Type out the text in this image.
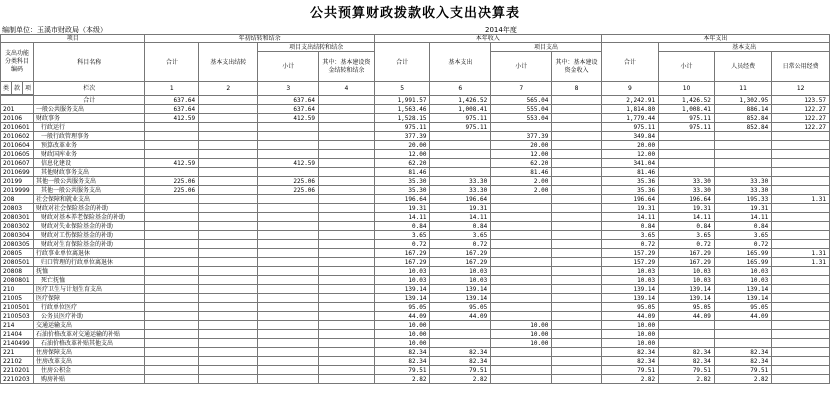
公共预算财政拨款收入支出决算表
编制单位：玉溪市财政局（本级）	2014年度
项目				年初结转和结余				本年收入				本年支出			
支出功能分类科目编码			科目名称	合计	基本支出结转	项目支出结转和结余		合计	基本支出	项目支出		合计	基本支出		
						小计	其中：基本建设资金结转和结余			小计	其中：基本建设资金收入		小计	人员经费	日常公用经费

类	款	项	栏次	1	2	3	4	5	6	7	8	9	10	11	12

			合计	637.64		637.64		1,991.57	1,426.52	565.04		2,242.91	1,426.52	1,302.95	123.57
201			一般公共服务支出	637.64		637.64		1,563.46	1,008.41	555.04		1,814.80	1,008.41	886.14	122.27
20106			财政事务	412.59		412.59		1,528.15	975.11	553.04		1,779.44	975.11	852.84	122.27
2010601			行政运行					975.11	975.11			975.11	975.11	852.84	122.27
2010602			一般行政管理事务					377.39		377.39		349.84			
2010604			预算改革业务					20.00		20.00		20.00			
2010605			财政国库业务					12.00		12.00		12.00			
2010607			信息化建设	412.59		412.59		62.20		62.20		341.04			
2010699			其他财政事务支出					81.46		81.46		81.46			
20199			其他一般公共服务支出	225.06		225.06		35.30	33.30	2.00		35.36	33.30	33.30	
2019999			其他一般公共服务支出	225.06		225.06		35.30	33.30	2.00		35.36	33.30	33.30	
208			社会保障和就业支出					196.64	196.64			196.64	196.64	195.33	1.31
20803			财政对社会保险基金的补助					19.31	19.31			19.31	19.31	19.31	
2080301			财政对基本养老保险基金的补助					14.11	14.11			14.11	14.11	14.11	
2080302			财政对失业保险基金的补助					0.84	0.84			0.84	0.84	0.84	
2080304			财政对工伤保险基金的补助					3.65	3.65			3.65	3.65	3.65	
2080305			财政对生育保险基金的补助					0.72	0.72			0.72	0.72	0.72	
20805			行政事业单位离退休					167.29	167.29			157.29	167.29	165.99	1.31
2080501			归口管理的行政单位离退休					167.29	167.29			157.29	167.29	165.99	1.31
20808			抚恤					10.03	10.03			10.03	10.03	10.03	
2080801			死亡抚恤					10.03	10.03			10.03	10.03	10.03	
210			医疗卫生与计划生育支出					139.14	139.14			139.14	139.14	139.14	
21005			医疗保障					139.14	139.14			139.14	139.14	139.14	
2100501			行政单位医疗					95.05	95.05			95.05	95.05	95.05	
2100503			公务员医疗补助					44.09	44.09			44.09	44.09	44.09	
214			交通运输支出					10.00		10.00		10.00			
21404			石油价格改革对交通运输的补贴					10.00		10.00		10.00			
2140499			石油价格改革补贴其他支出					10.00		10.00		10.00			
221			住房保障支出					82.34	82.34			82.34	82.34	82.34	
22102			住房改革支出					82.34	82.34			82.34	82.34	82.34	
2210201			住房公积金					79.51	79.51			79.51	79.51	79.51	
2210203			购房补贴					2.82	2.82			2.82	2.82	2.82	
